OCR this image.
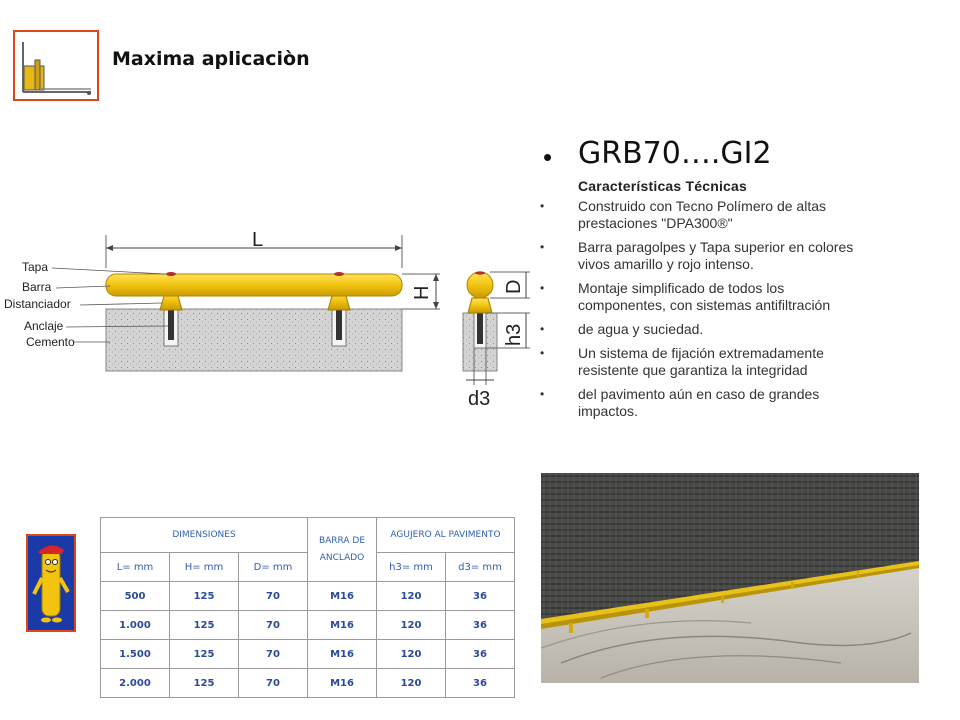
Maxima aplicaciòn
• GRB70….GI2
Características Técnicas
• Construido con Tecno Polímero de altas prestaciones "DPA300®"
• Barra paragolpes y Tapa superior en colores vivos amarillo y rojo intenso.
• Montaje simplificado de todos los componentes, con sistemas antifiltración
• de agua y suciedad.
• Un sistema de fijación extremadamente resistente que garantiza la integridad
• del pavimento aún en caso de grandes impactos.
L
H
Tapa
Barra
Distanciador
Anclaje
Cemento
D
h3
d3
DIMENSIONES			BARRA DE ANCLADO	AGUJERO AL PAVIMENTO	
L= mm	H= mm	D= mm		h3= mm	d3= mm
500	125	70	M16	120	36
1.000	125	70	M16	120	36
1.500	125	70	M16	120	36
2.000	125	70	M16	120	36
